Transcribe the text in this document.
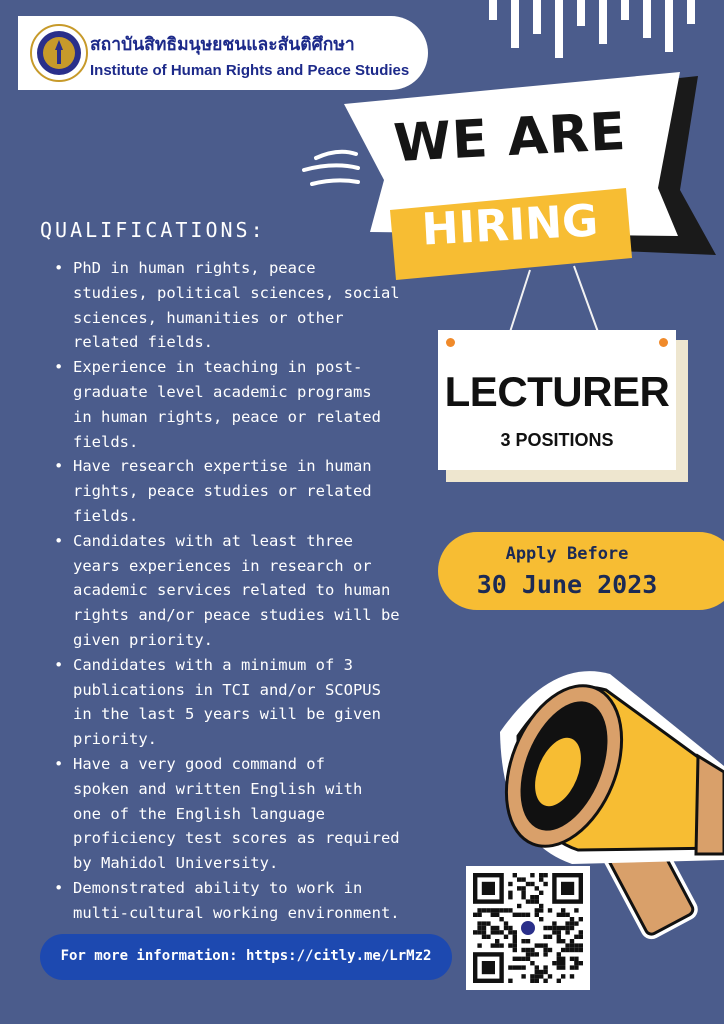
สถาบันสิทธิมนุษยชนและสันติศึกษา
Institute of Human Rights and Peace Studies
WE ARE
HIRING
LECTURER
3 POSITIONS
Apply Before
30 June 2023
QUALIFICATIONS:
• PhD in human rights, peace
studies, political sciences, social
sciences, humanities or other
related fields.
• Experience in teaching in post-
graduate level academic programs
in human rights, peace or related
fields.
• Have research expertise in human
rights, peace studies or related
fields.
• Candidates with at least three
years experiences in research or
academic services related to human
rights and/or peace studies will be
given priority.
• Candidates with a minimum of 3
publications in TCI and/or SCOPUS
in the last 5 years will be given
priority.
• Have a very good command of
spoken and written English with
one of the English language
proficiency test scores as required
by Mahidol University.
• Demonstrated ability to work in
multi-cultural working environment.
For more information: https://citly.me/LrMz2
